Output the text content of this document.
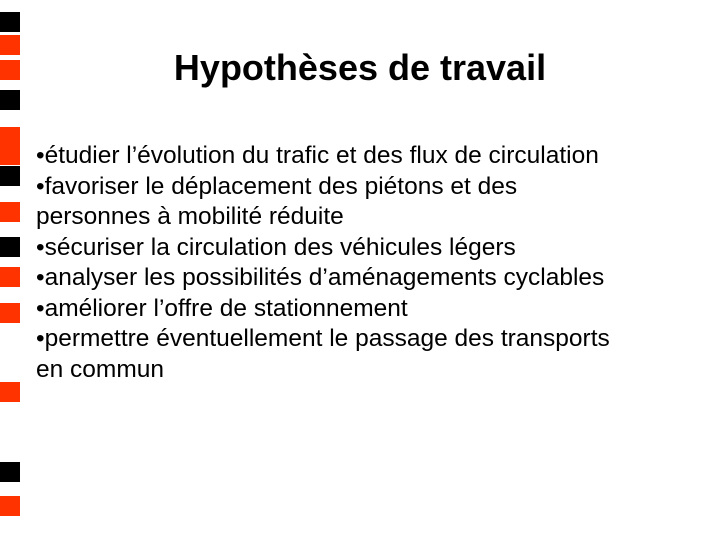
Hypothèses de travail
•étudier l’évolution du trafic et des flux de circulation
•favoriser le déplacement des piétons et des personnes à mobilité réduite
•sécuriser la circulation des véhicules légers
•analyser les possibilités d’aménagements cyclables
•améliorer l’offre de stationnement
•permettre éventuellement le passage des transports en commun
